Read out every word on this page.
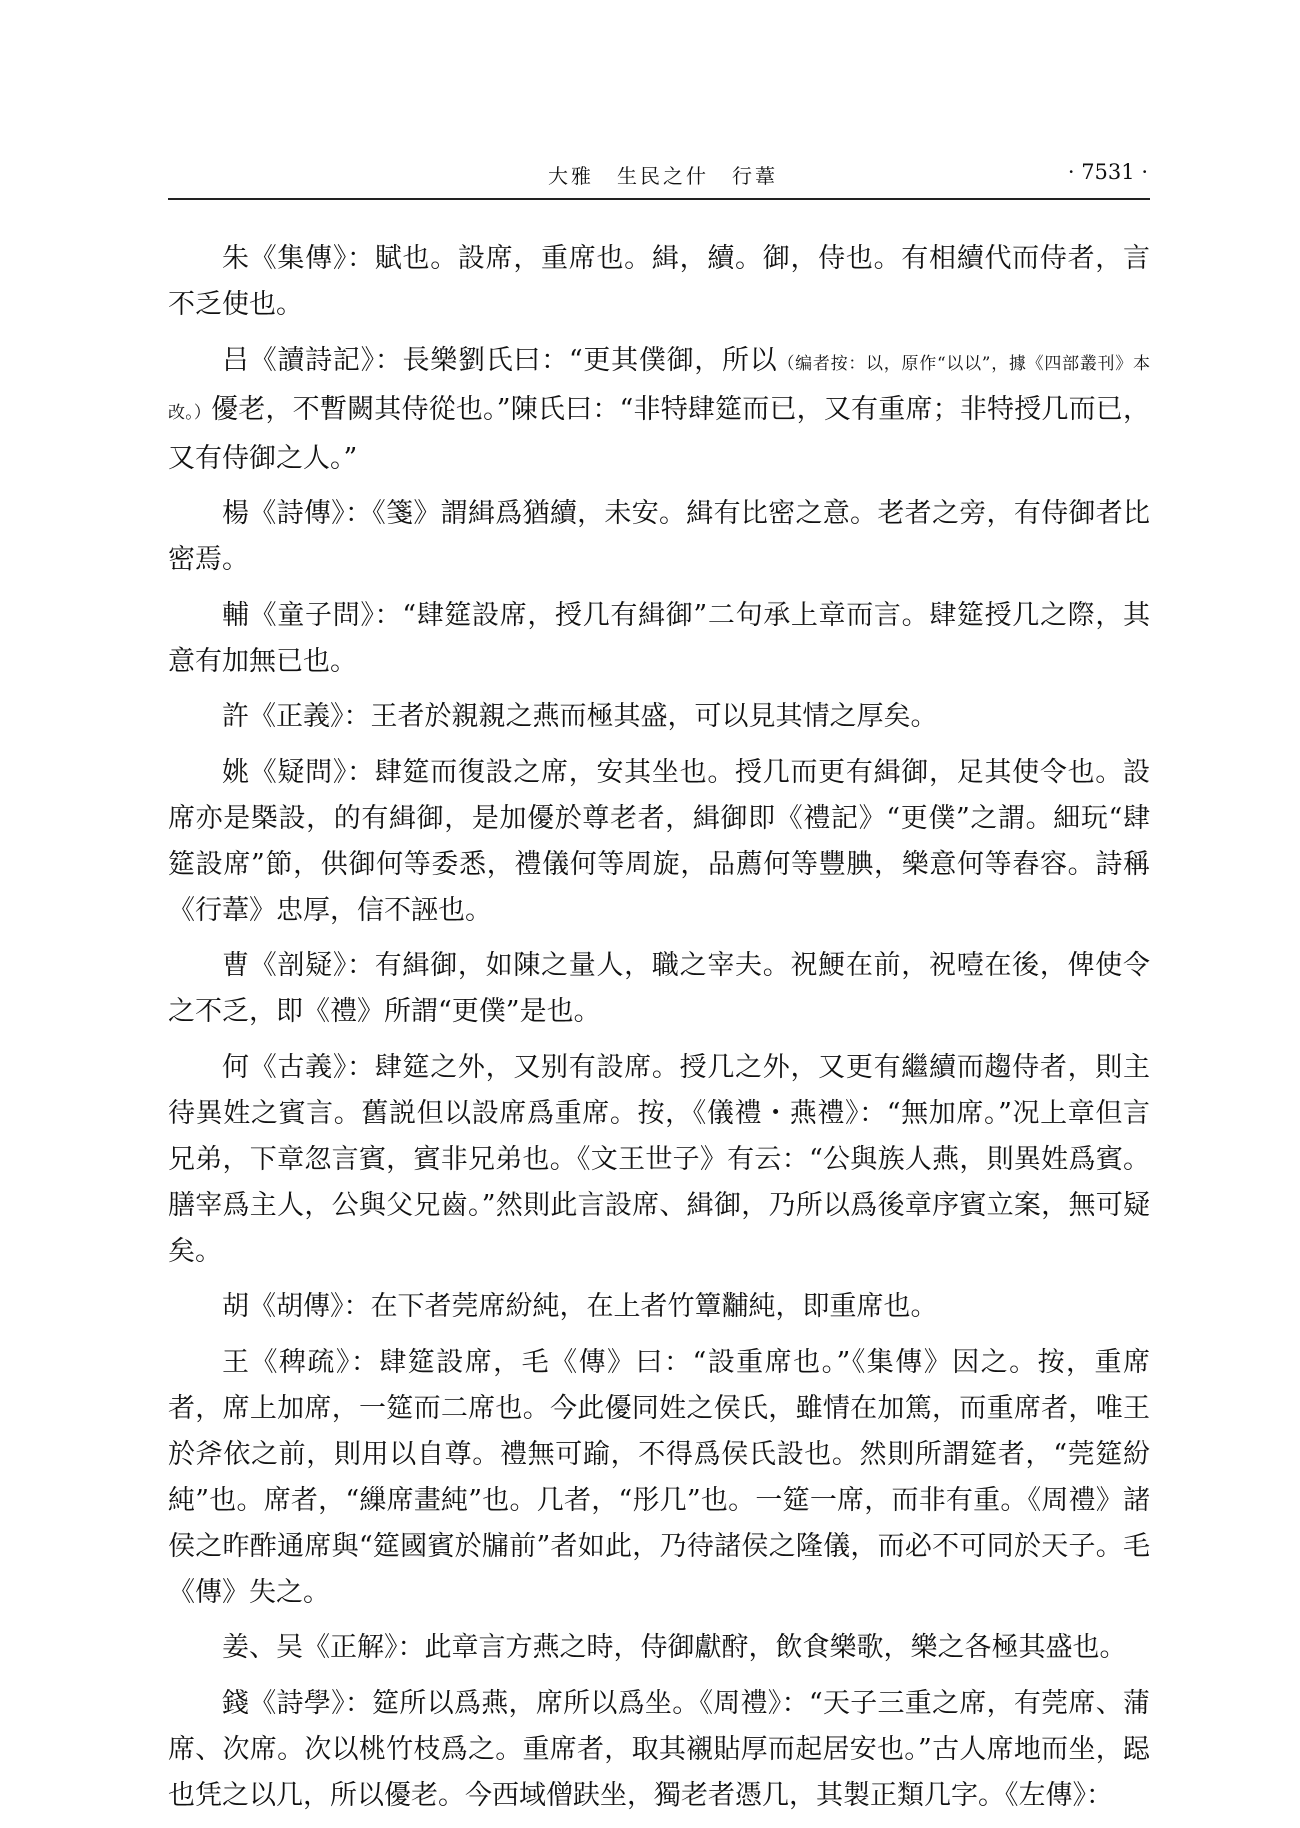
大雅　生民之什　行葦	· 7531 ·

朱《集傳》：賦也。設席，重席也。緝，續。御，侍也。有相續代而侍者，言不乏使也。

吕《讀詩記》：長樂劉氏曰：“更其僕御，所以（编者按：以，原作“以以”，據《四部叢刊》本改。）優老，不暫闕其侍從也。”陳氏曰：“非特肆筵而已，又有重席；非特授几而已，又有侍御之人。”

楊《詩傳》：《箋》謂緝爲猶續，未安。緝有比密之意。老者之旁，有侍御者比密焉。

輔《童子問》：“肆筵設席，授几有緝御”二句承上章而言。肆筵授几之際，其意有加無已也。

許《正義》：王者於親親之燕而極其盛，可以見其情之厚矣。

姚《疑問》：肆筵而復設之席，安其坐也。授几而更有緝御，足其使令也。設席亦是槩設，的有緝御，是加優於尊老者，緝御即《禮記》“更僕”之謂。細玩“肆筵設席”節，供御何等委悉，禮儀何等周旋，品薦何等豐腆，樂意何等舂容。詩稱《行葦》忠厚，信不誣也。

曹《剖疑》：有緝御，如陳之量人，職之宰夫。祝鯁在前，祝噎在後，俾使令之不乏，即《禮》所謂“更僕”是也。

何《古義》：肆筵之外，又别有設席。授几之外，又更有繼續而趨侍者，則主待異姓之賓言。舊説但以設席爲重席。按，《儀禮・燕禮》：“無加席。”况上章但言兄弟，下章忽言賓，賓非兄弟也。《文王世子》有云：“公與族人燕，則異姓爲賓。膳宰爲主人，公與父兄齒。”然則此言設席、緝御，乃所以爲後章序賓立案，無可疑矣。

胡《胡傳》：在下者莞席紛純，在上者竹簟黼純，即重席也。

王《稗疏》：肆筵設席，毛《傳》曰：“設重席也。”《集傳》因之。按，重席者，席上加席，一筵而二席也。今此優同姓之侯氏，雖情在加篤，而重席者，唯王於斧依之前，則用以自尊。禮無可踰，不得爲侯氏設也。然則所謂筵者，“莞筵紛純”也。席者，“繅席畫純”也。几者，“彤几”也。一筵一席，而非有重。《周禮》諸侯之昨酢通席與“筵國賓於牖前”者如此，乃待諸侯之隆儀，而必不可同於天子。毛《傳》失之。

姜、吴《正解》：此章言方燕之時，侍御獻酧，飲食樂歌，樂之各極其盛也。

錢《詩學》：筵所以爲燕，席所以爲坐。《周禮》：“天子三重之席，有莞席、蒲席、次席。次以桃竹枝爲之。重席者，取其襯貼厚而起居安也。”古人席地而坐，跽也凭之以几，所以優老。今西域僧趺坐，獨老者憑几，其製正類几字。《左傳》：
